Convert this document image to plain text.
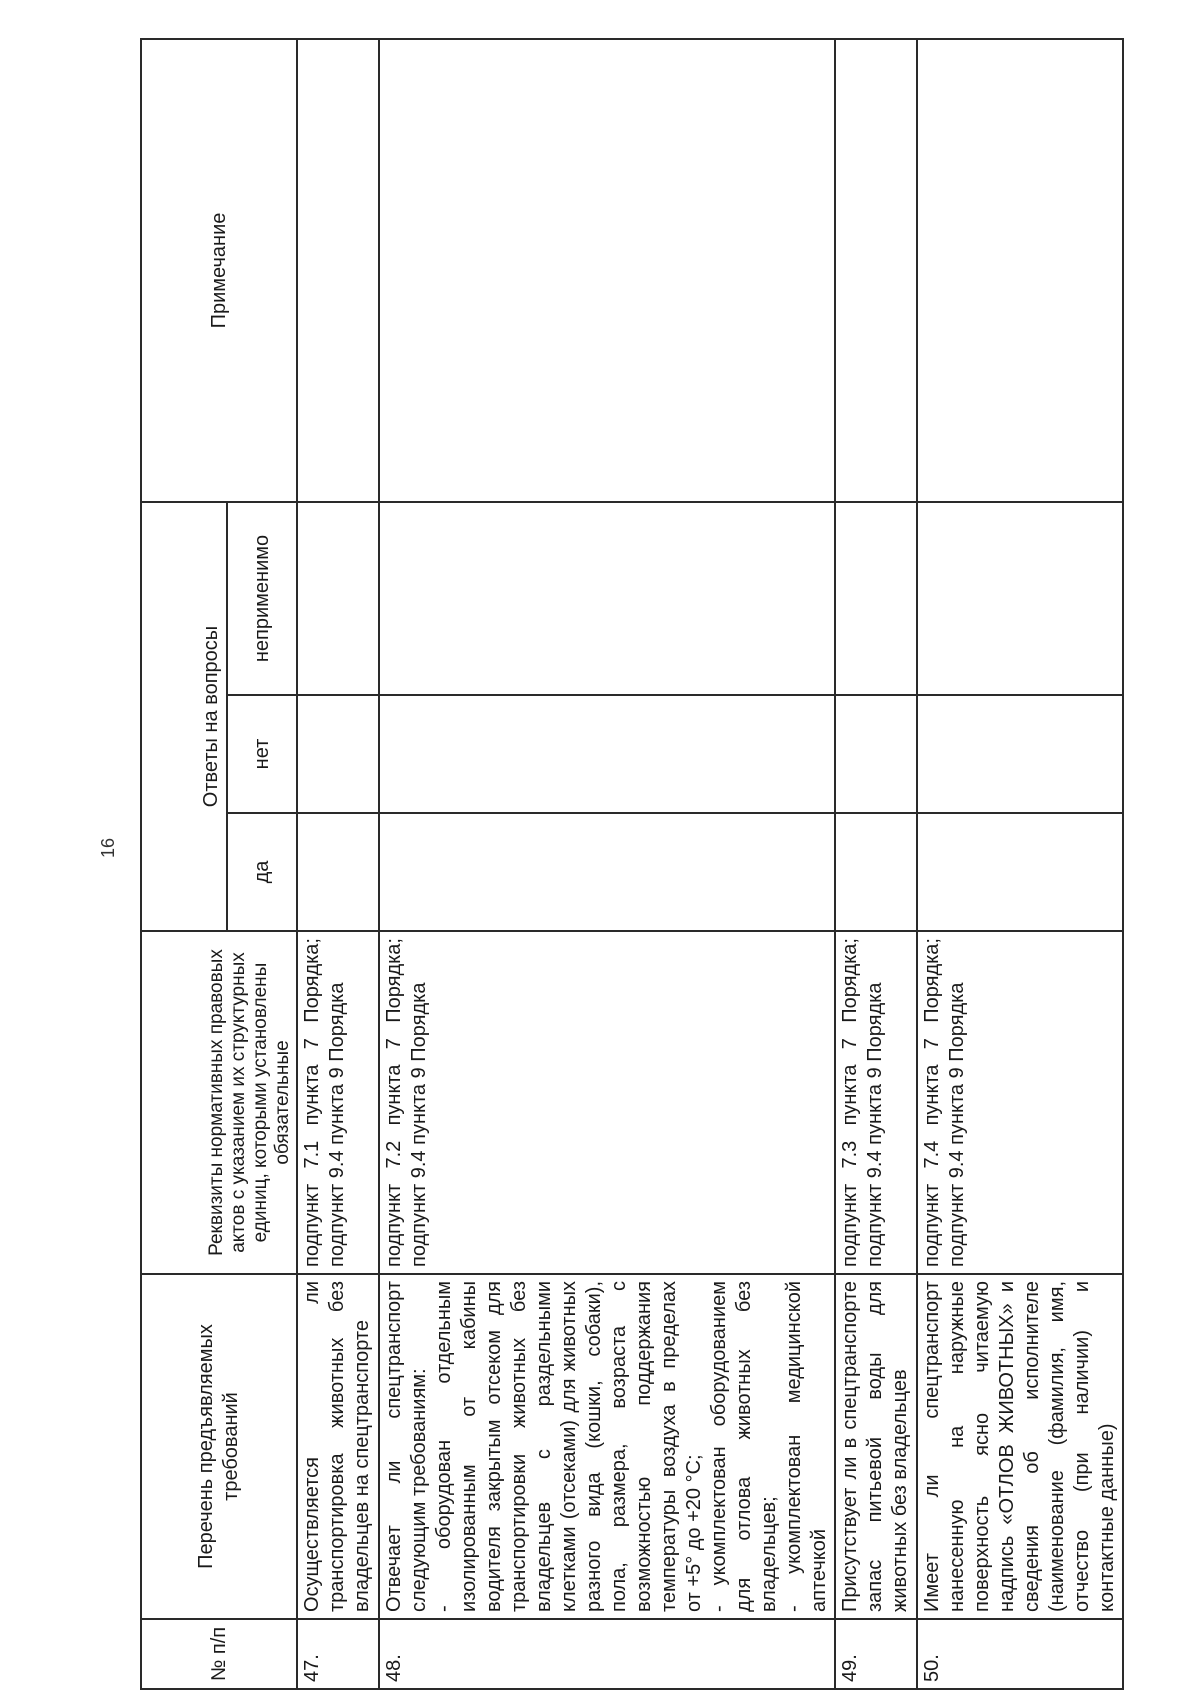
16
№ п/п	Перечень предъявляемых требований	Реквизиты нормативных правовых актов с указанием их структурных единиц, которыми установлены обязательные	Ответы на вопросы			Примечание
			да	нет	неприменимо	
47.	Осуществляется ли транспортировка животных без владельцев на спецтранспорте	подпункт 7.1 пункта 7 Порядка; подпункт 9.4 пункта 9 Порядка				
48.	Отвечает ли спецтранспорт следующим требованиям: - оборудован отдельным изолированным от кабины водителя закрытым отсеком для транспортировки животных без владельцев с раздельными клетками (отсеками) для животных разного вида (кошки, собаки), пола, размера, возраста с возможностью поддержания температуры воздуха в пределах от +5° до +20 °С; - укомплектован оборудованием для отлова животных без владельцев; - укомплектован медицинской аптечкой	подпункт 7.2 пункта 7 Порядка; подпункт 9.4 пункта 9 Порядка				
49.	Присутствует ли в спецтранспорте запас питьевой воды для животных без владельцев	подпункт 7.3 пункта 7 Порядка; подпункт 9.4 пункта 9 Порядка				
50.	Имеет ли спецтранспорт нанесенную на наружные поверхность ясно читаемую надпись «ОТЛОВ ЖИВОТНЫХ» и сведения об исполнителе (наименование (фамилия, имя, отчество (при наличии) и контактные данные)	подпункт 7.4 пункта 7 Порядка; подпункт 9.4 пункта 9 Порядка				
